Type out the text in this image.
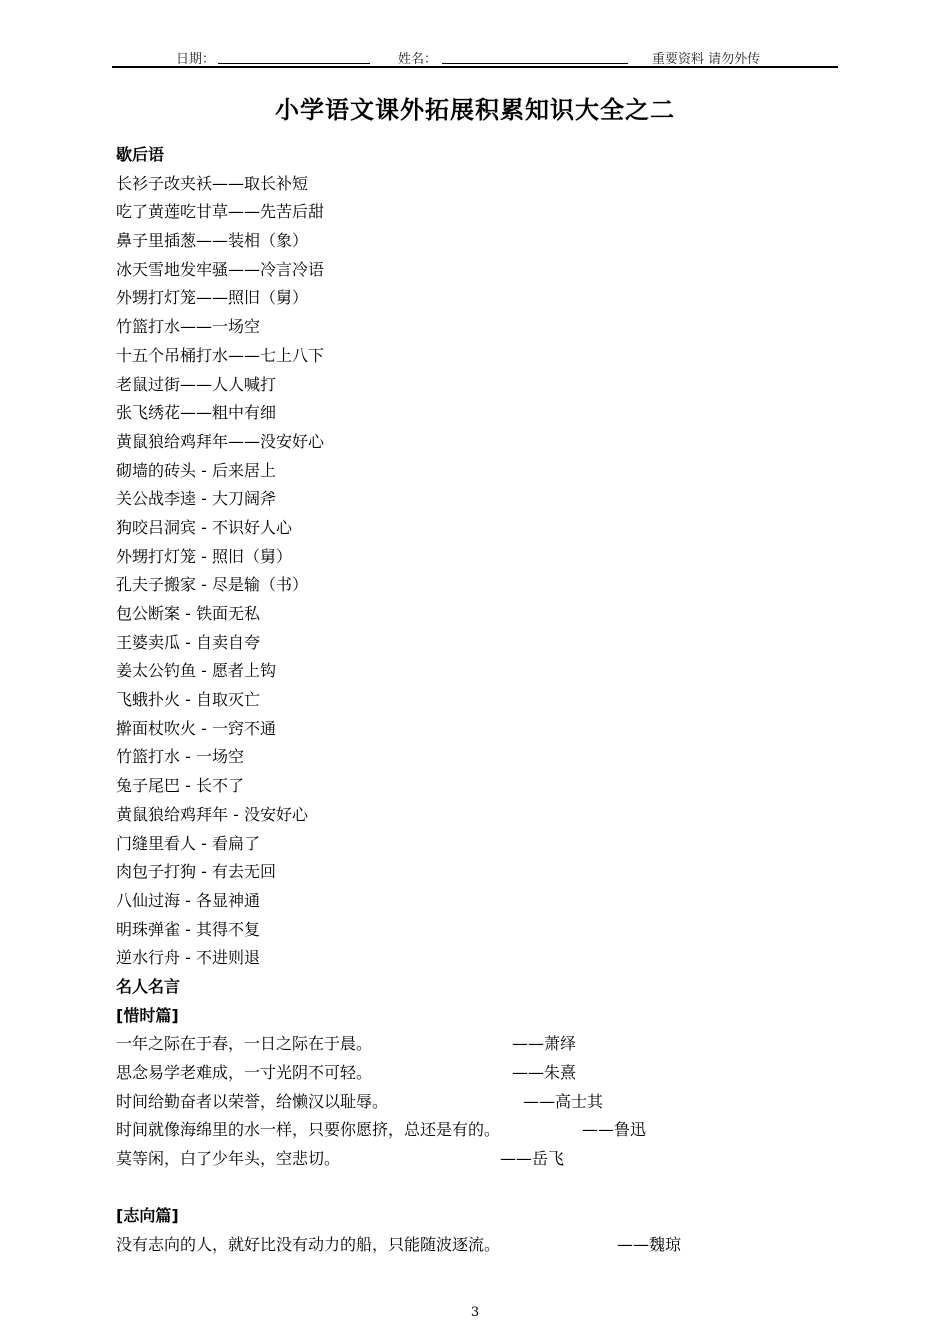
日期：	姓名：	重要资料 请勿外传
小学语文课外拓展积累知识大全之二
歇后语
长衫子改夹袄——取长补短
吃了黄莲吃甘草——先苦后甜
鼻子里插葱——装相（象）
冰天雪地发牢骚——冷言冷语
外甥打灯笼——照旧（舅）
竹篮打水——一场空
十五个吊桶打水——七上八下
老鼠过街——人人喊打
张飞绣花——粗中有细
黄鼠狼给鸡拜年——没安好心
砌墙的砖头 - 后来居上
关公战李逵 - 大刀阔斧
狗咬吕洞宾 - 不识好人心
外甥打灯笼 - 照旧（舅）
孔夫子搬家 - 尽是输（书）
包公断案 - 铁面无私
王婆卖瓜 - 自卖自夸
姜太公钓鱼 - 愿者上钩
飞蛾扑火 - 自取灭亡
擀面杖吹火 - 一窍不通
竹篮打水 - 一场空
兔子尾巴 - 长不了
黄鼠狼给鸡拜年 - 没安好心
门缝里看人 - 看扁了
肉包子打狗 - 有去无回
八仙过海 - 各显神通
明珠弹雀 - 其得不复
逆水行舟 - 不进则退
名人名言
[惜时篇]
一年之际在于春，一日之际在于晨。	——萧绎
思念易学老难成，一寸光阴不可轻。	——朱熹
时间给勤奋者以荣誉，给懒汉以耻辱。	——高士其
时间就像海绵里的水一样，只要你愿挤，总还是有的。	——鲁迅
莫等闲，白了少年头，空悲切。	——岳飞
[志向篇]
没有志向的人，就好比没有动力的船，只能随波逐流。	——魏琼
3
